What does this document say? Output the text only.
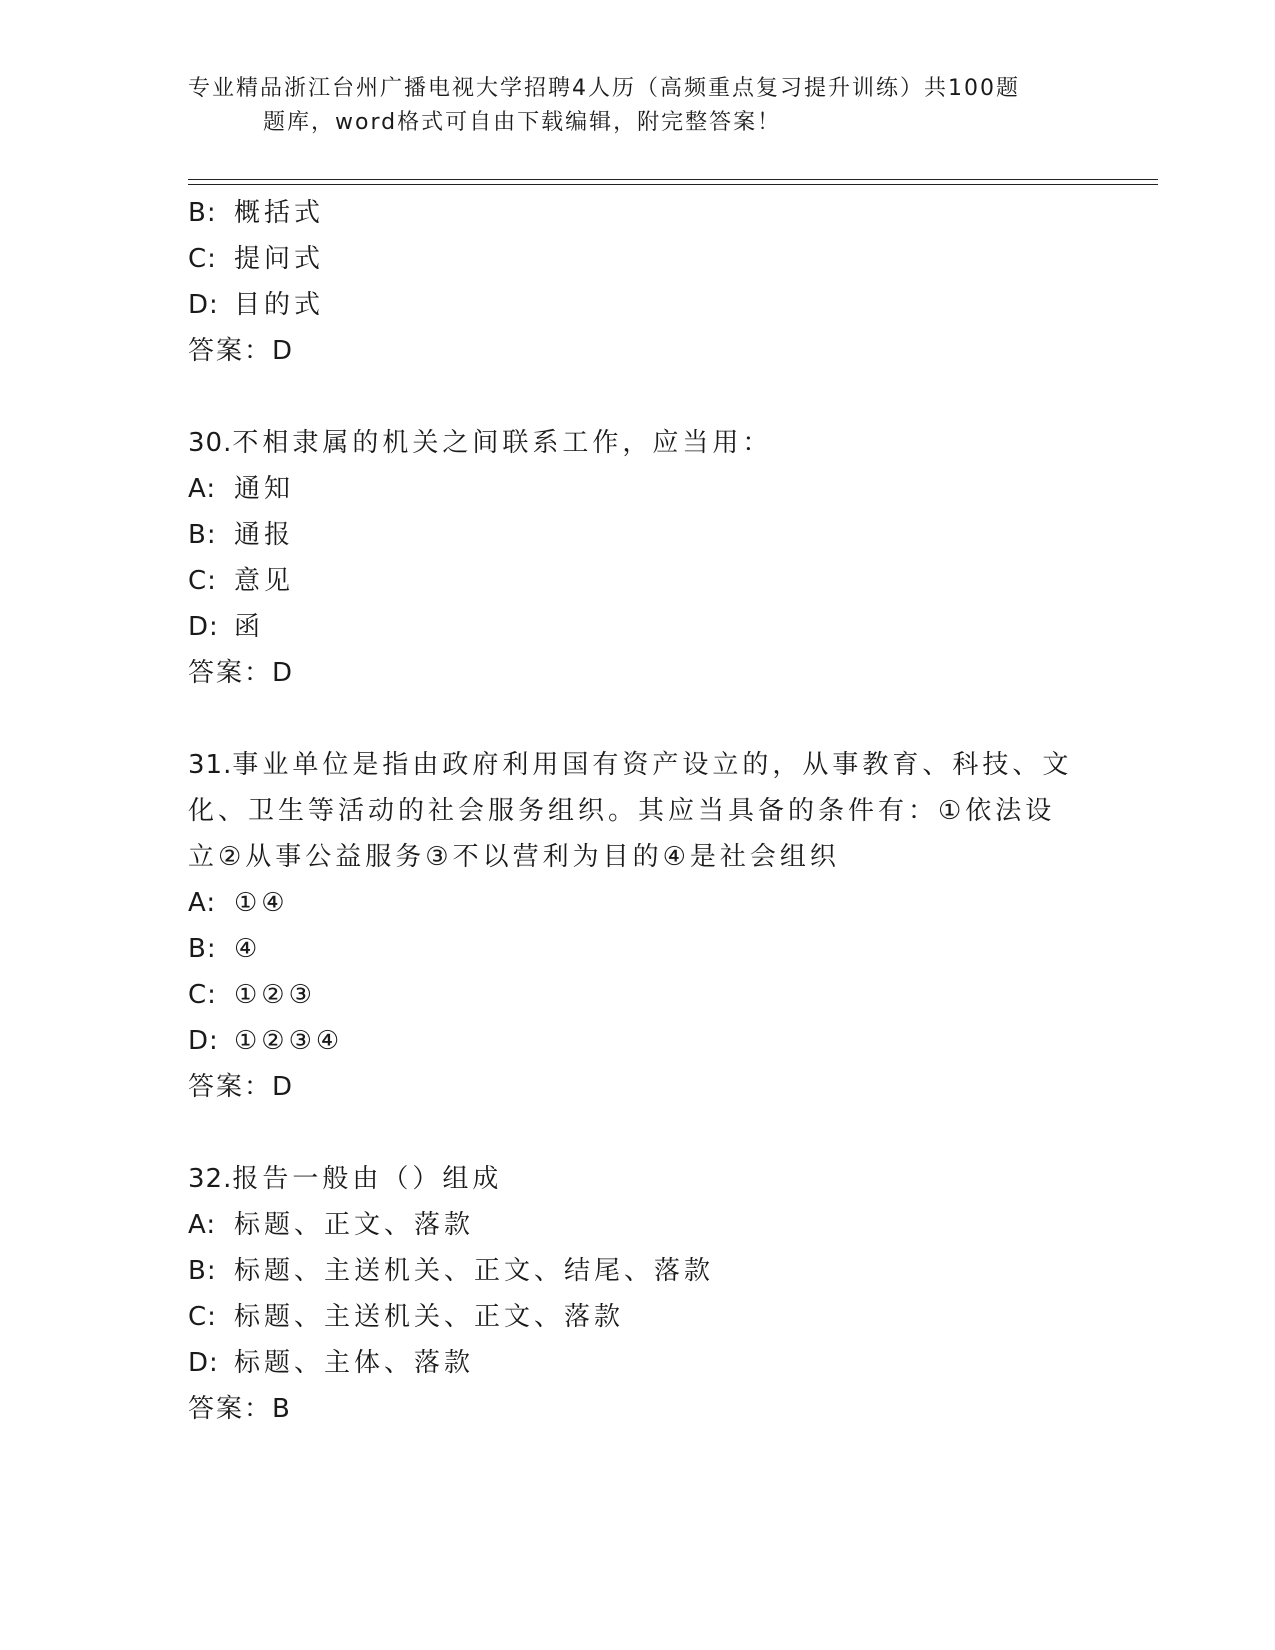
专业精品浙江台州广播电视大学招聘4人历（高频重点复习提升训练）共100题
题库，word格式可自由下载编辑，附完整答案！
B: 概括式
C: 提问式
D: 目的式
答案：D
30.不相隶属的机关之间联系工作，应当用：
A: 通知
B: 通报
C: 意见
D: 函
答案：D
31.事业单位是指由政府利用国有资产设立的，从事教育、科技、文化、卫生等活动的社会服务组织。其应当具备的条件有：①依法设立②从事公益服务③不以营利为目的④是社会组织
A: ①④
B: ④
C: ①②③
D: ①②③④
答案：D
32.报告一般由（）组成
A: 标题、正文、落款
B: 标题、主送机关、正文、结尾、落款
C: 标题、主送机关、正文、落款
D: 标题、主体、落款
答案：B
